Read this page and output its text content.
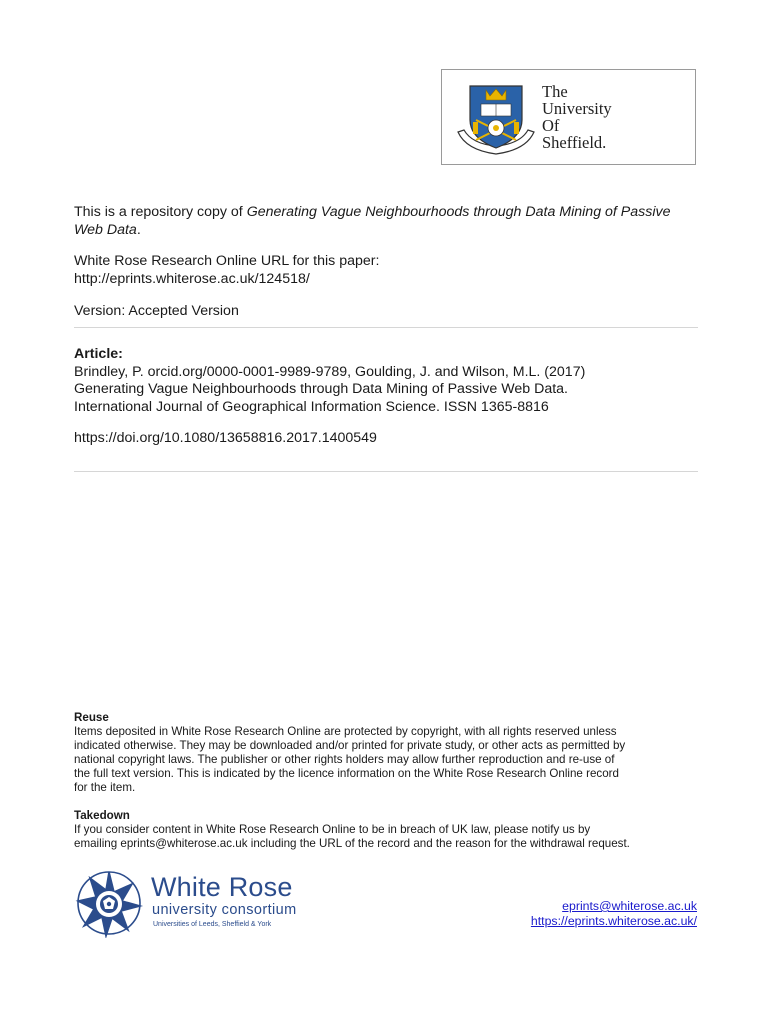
The
University
Of
Sheffield.
This is a repository copy of Generating Vague Neighbourhoods through Data Mining of Passive Web Data.
White Rose Research Online URL for this paper:
http://eprints.whiterose.ac.uk/124518/
Version: Accepted Version
Article:
Brindley, P. orcid.org/0000-0001-9989-9789, Goulding, J. and Wilson, M.L. (2017)
Generating Vague Neighbourhoods through Data Mining of Passive Web Data.
International Journal of Geographical Information Science. ISSN 1365-8816
https://doi.org/10.1080/13658816.2017.1400549
Reuse
Items deposited in White Rose Research Online are protected by copyright, with all rights reserved unless
indicated otherwise. They may be downloaded and/or printed for private study, or other acts as permitted by
national copyright laws. The publisher or other rights holders may allow further reproduction and re-use of
the full text version. This is indicated by the licence information on the White Rose Research Online record
for the item.
Takedown
If you consider content in White Rose Research Online to be in breach of UK law, please notify us by
emailing eprints@whiterose.ac.uk including the URL of the record and the reason for the withdrawal request.
White Rose
university consortium
Universities of Leeds, Sheffield & York
eprints@whiterose.ac.uk
https://eprints.whiterose.ac.uk/
